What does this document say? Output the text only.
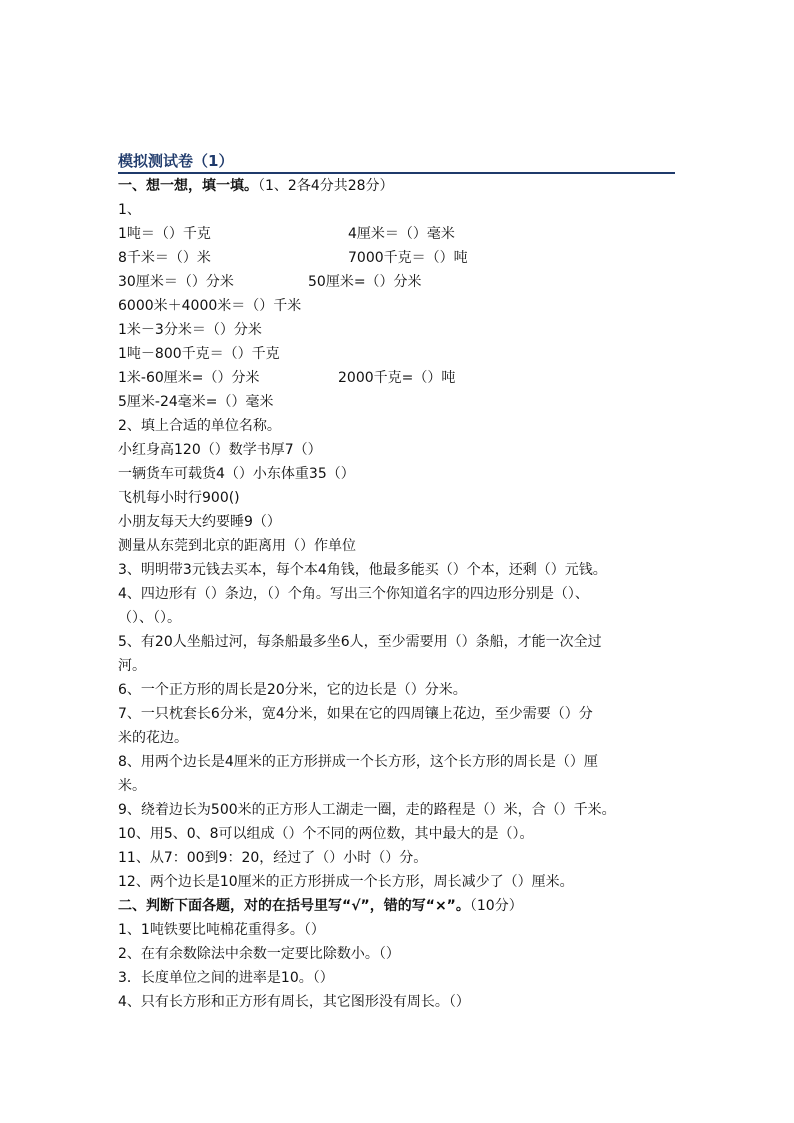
模拟测试卷（1）
一、想一想，填一填。（1、2各4分共28分）
1、
1吨＝（）千克	4厘米＝（）毫米
8千米＝（）米	7000千克＝（）吨
30厘米＝（）分米	50厘米=（）分米
6000米＋4000米＝（）千米
1米－3分米＝（）分米
1吨－800千克＝（）千克
1米-60厘米=（）分米	2000千克=（）吨
5厘米-24毫米=（）毫米
2、填上合适的单位名称。
小红身高120（）数学书厚7（）
一辆货车可载货4（）小东体重35（）
飞机每小时行900()
小朋友每天大约要睡9（）
测量从东莞到北京的距离用（）作单位
3、明明带3元钱去买本，每个本4角钱，他最多能买（）个本，还剩（）元钱。
4、四边形有（）条边，（）个角。写出三个你知道名字的四边形分别是（）、
（）、（）。
5、有20人坐船过河，每条船最多坐6人，至少需要用（）条船，才能一次全过
河。
6、一个正方形的周长是20分米，它的边长是（）分米。
7、一只枕套长6分米，宽4分米，如果在它的四周镶上花边，至少需要（）分
米的花边。
8、用两个边长是4厘米的正方形拼成一个长方形，这个长方形的周长是（）厘
米。
9、绕着边长为500米的正方形人工湖走一圈，走的路程是（）米，合（）千米。
10、用5、0、8可以组成（）个不同的两位数，其中最大的是（）。
11、从7：00到9：20，经过了（）小时（）分。
12、两个边长是10厘米的正方形拼成一个长方形，周长减少了（）厘米。
二、判断下面各题，对的在括号里写“√”，错的写“×”。（10分）
1、1吨铁要比吨棉花重得多。（）
2、在有余数除法中余数一定要比除数小。（）
3．长度单位之间的进率是10。（）
4、只有长方形和正方形有周长，其它图形没有周长。（）
